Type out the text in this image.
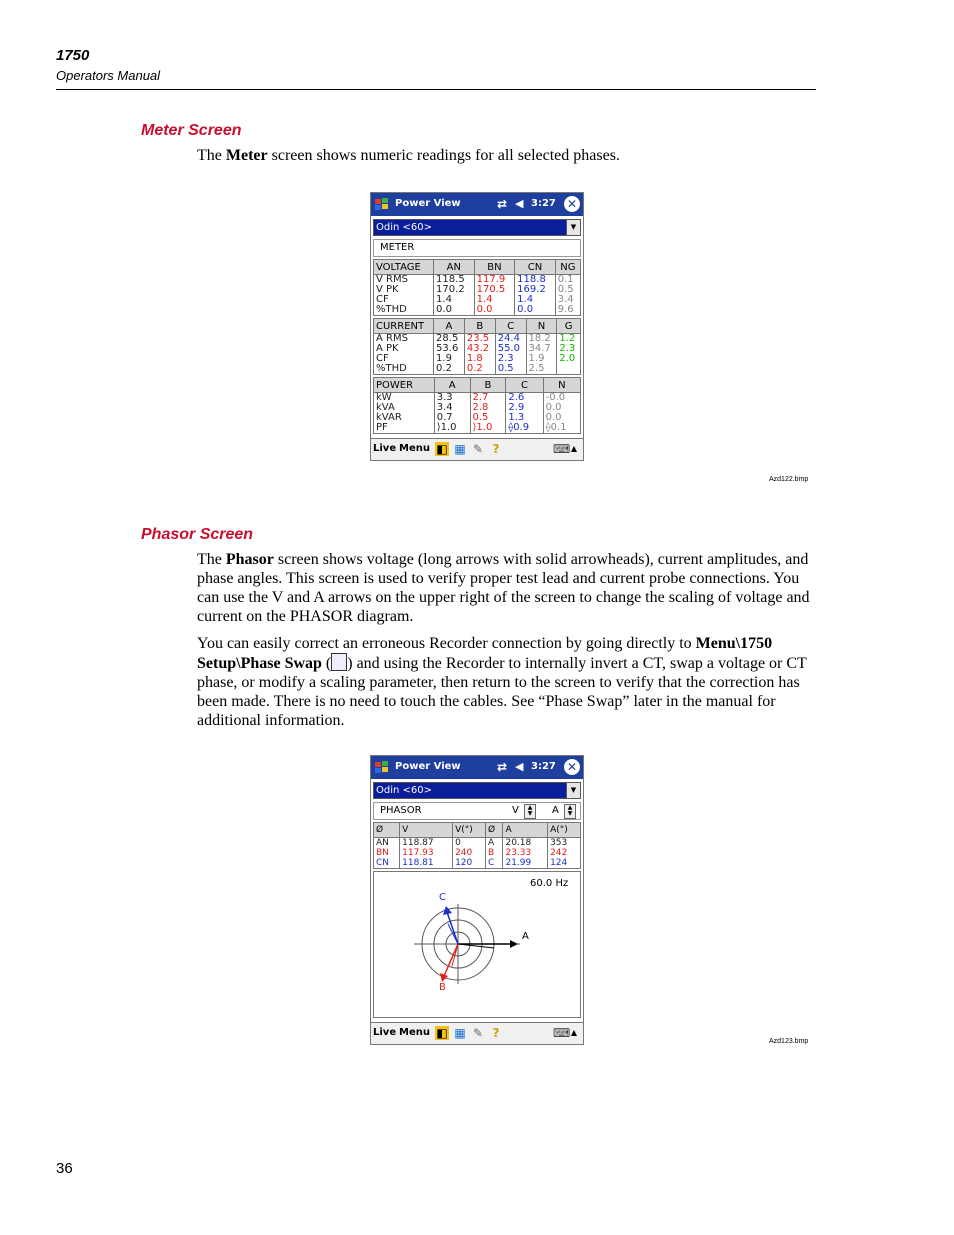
1750
Operators Manual
Meter Screen
The Meter screen shows numeric readings for all selected phases.
Power View	⇄ ◀ 3:27 ✕
Odin <60>	▼
METER
VOLTAGE	AN	BN	CN	NG
V RMS	118.5	117.9	118.8	0.1
V PK	170.2	170.5	169.2	0.5
CF	1.4	1.4	1.4	3.4
%THD	0.0	0.0	0.0	9.6
CURRENT	A	B	C	N	G
A RMS	28.5	23.5	24.4	18.2	1.2
A PK	53.6	43.2	55.0	34.7	2.3
CF	1.9	1.8	2.3	1.9	2.0
%THD	0.2	0.2	0.5	2.5	
POWER	A	B	C	N
kW	3.3	2.7	2.6	-0.0
kVA	3.4	2.8	2.9	0.0
kVAR	0.7	0.5	1.3	0.0
PF	⟩1.0	⟩1.0	⟠0.9	⟠0.1
Live Menu ◧ ▦ ✎ ?	⌨ ▲
Azd122.bmp
Phasor Screen
The Phasor screen shows voltage (long arrows with solid arrowheads), current amplitudes, and phase angles. This screen is used to verify proper test lead and current probe connections. You can use the V and A arrows on the upper right of the screen to change the scaling of voltage and current on the PHASOR diagram.
You can easily correct an erroneous Recorder connection by going directly to Menu\1750 Setup\Phase Swap ( ) and using the Recorder to internally invert a CT, swap a voltage or CT phase, or modify a scaling parameter, then return to the screen to verify that the correction has been made. There is no need to touch the cables. See “Phase Swap” later in the manual for additional information.
Power View	⇄ ◀ 3:27 ✕
Odin <60>	▼
PHASOR	V	▲
▼	A	▲
▼
Ø	V	V(°)	Ø	A	A(°)
AN	118.87	0	A	20.18	353
BN	117.93	240	B	23.33	242
CN	118.81	120	C	21.99	124
60.0 Hz
A
B
C
Live Menu ◧ ▦ ✎ ?	⌨ ▲
Azd123.bmp
36
